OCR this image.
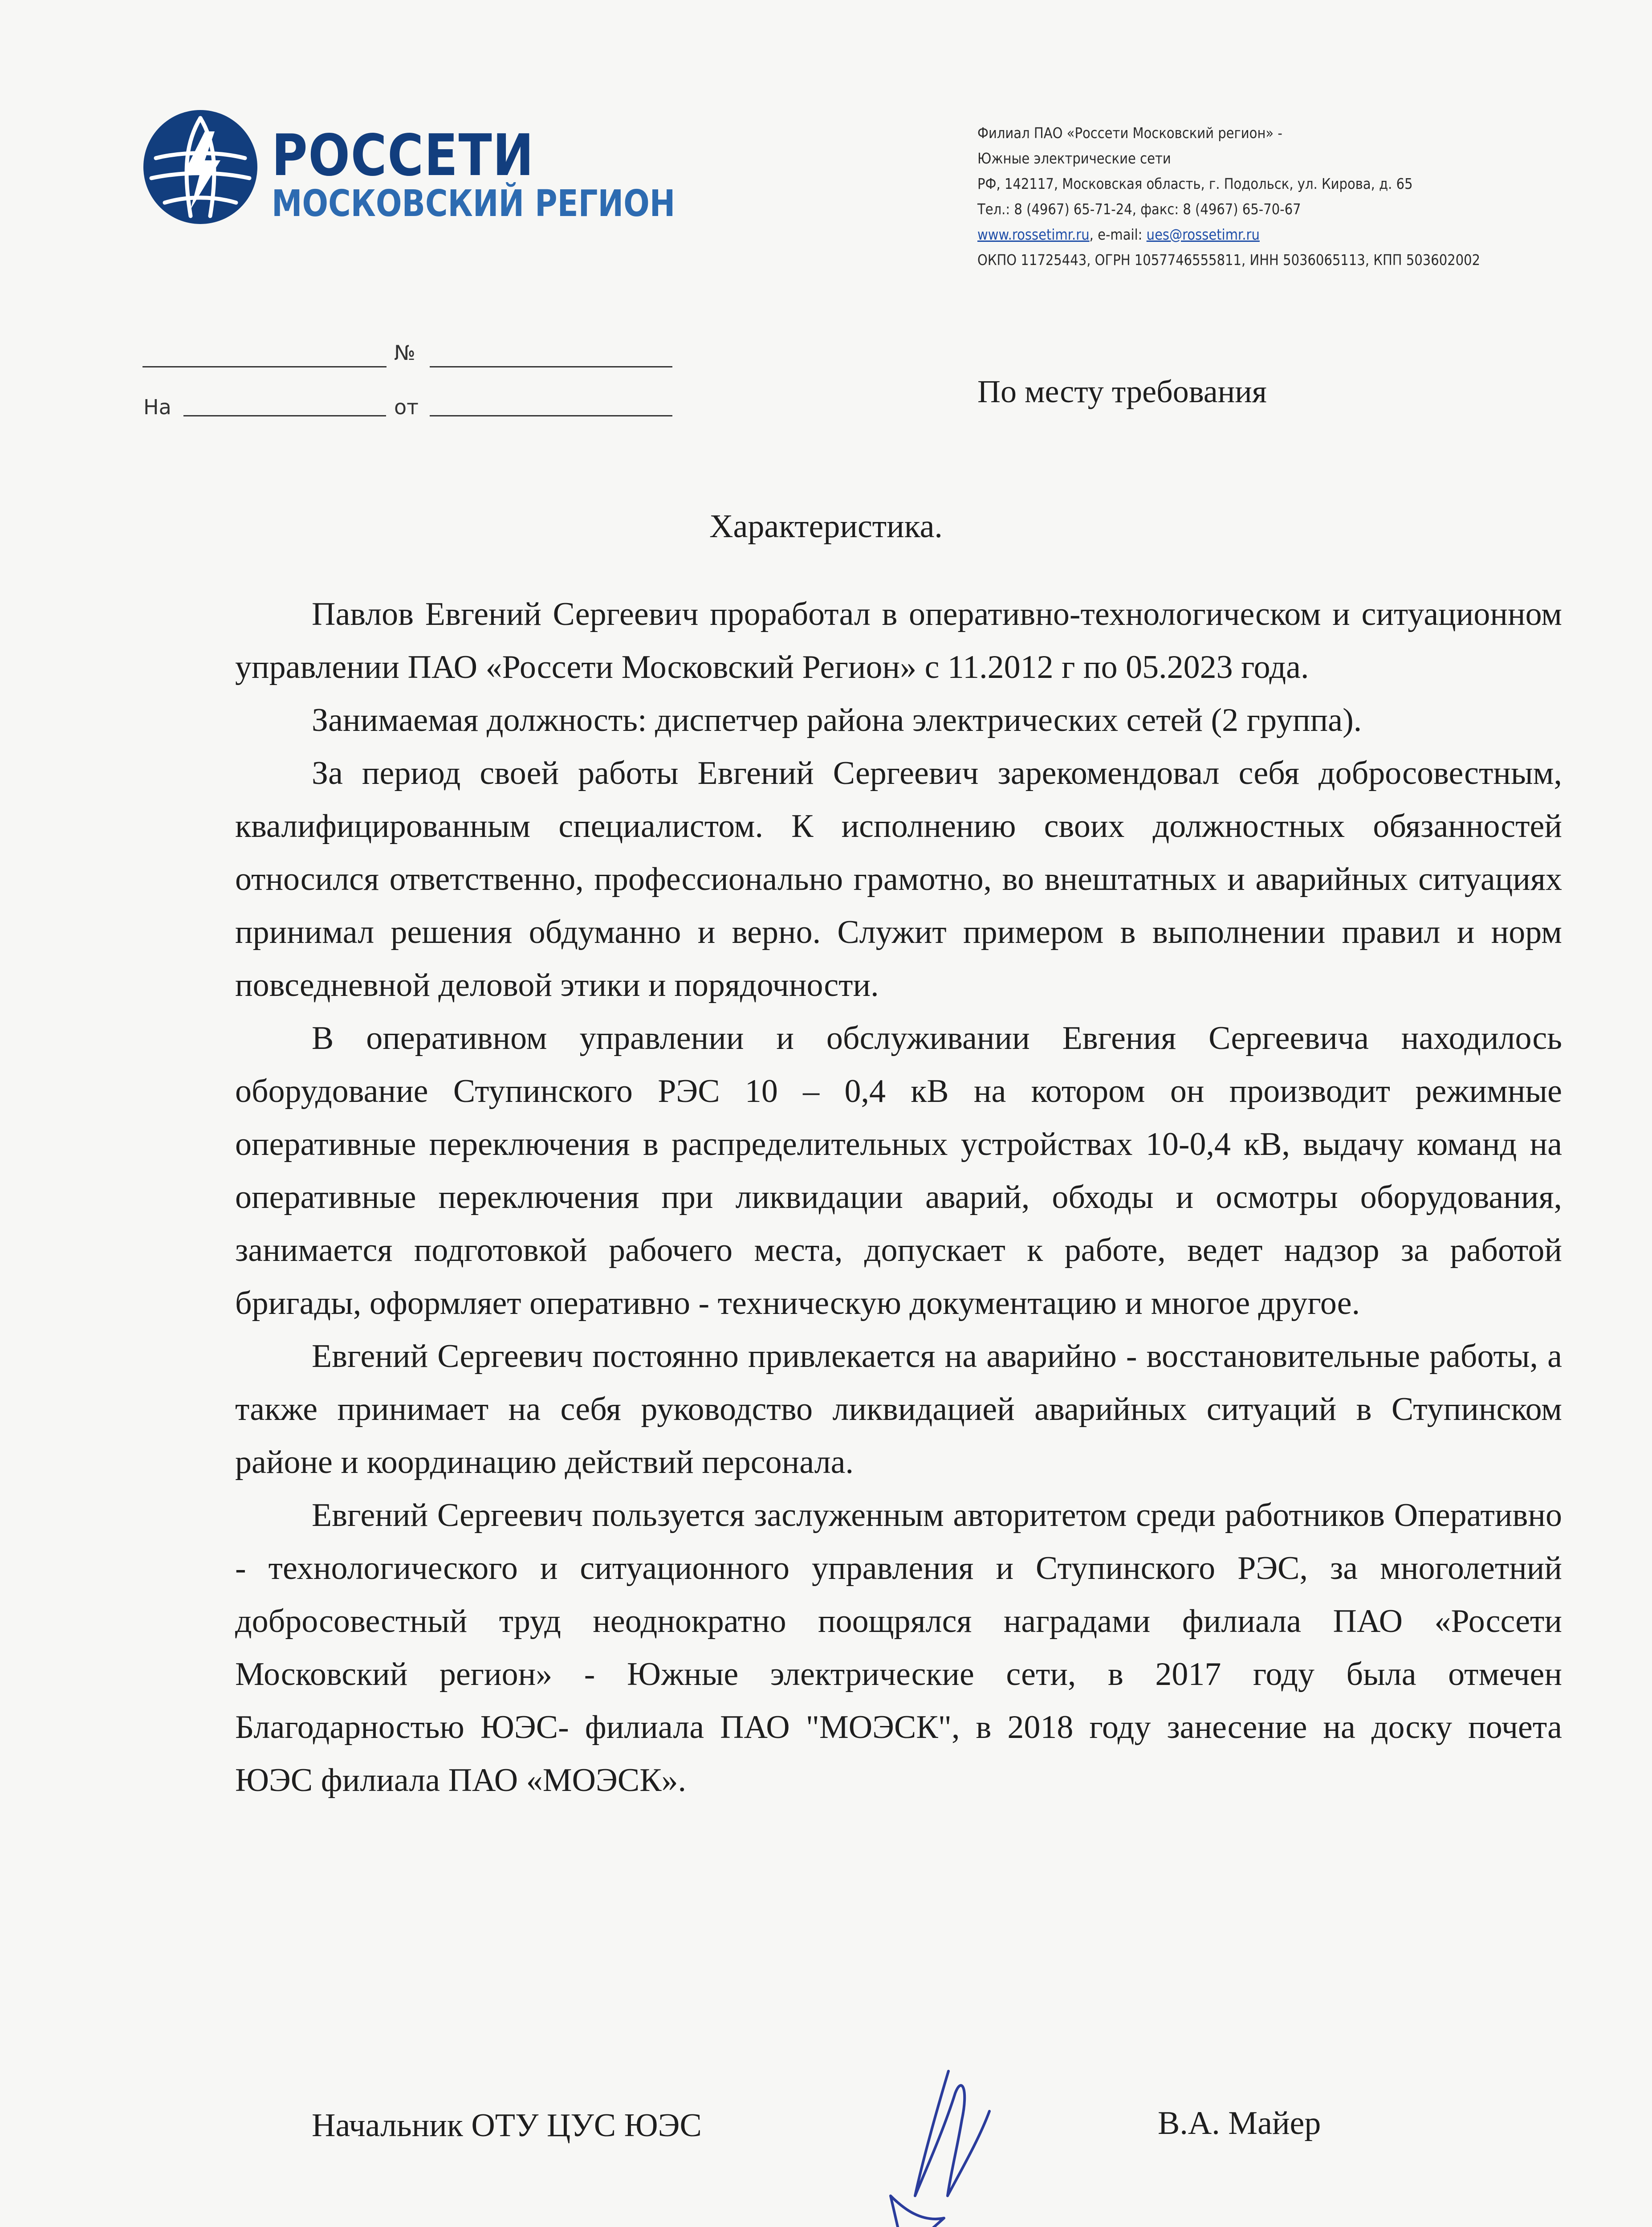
РОССЕТИ
МОСКОВСКИЙ РЕГИОН
Филиал ПАО «Россети Московский регион» -
Южные электрические сети
РФ, 142117, Московская область, г. Подольск, ул. Кирова, д. 65
Тел.: 8 (4967) 65-71-24, факс: 8 (4967) 65-70-67
www.rossetimr.ru, e-mail: ues@rossetimr.ru
ОКПО 11725443, ОГРН 1057746555811, ИНН 5036065113, КПП 503602002
№
На	от	По месту требования
Характеристика.

Павлов Евгений Сергеевич проработал в оперативно-технологическом и ситуационном управлении ПАО «Россети Московский Регион» с 11.2012 г по 05.2023 года.

Занимаемая должность: диспетчер района электрических сетей (2 группа).

За период своей работы Евгений Сергеевич зарекомендовал себя добросовестным, квалифицированным специалистом. К исполнению своих должностных обязанностей относился ответственно, профессионально грамотно, во внештатных и аварийных ситуациях принимал решения обдуманно и верно. Служит примером в выполнении правил и норм повседневной деловой этики и порядочности.

В оперативном управлении и обслуживании Евгения Сергеевича находилось оборудование Ступинского РЭС 10 – 0,4 кВ на котором он производит режимные оперативные переключения в распределительных устройствах 10-0,4 кВ, выдачу команд на оперативные переключения при ликвидации аварий, обходы и осмотры оборудования, занимается подготовкой рабочего места, допускает к работе, ведет надзор за работой бригады, оформляет оперативно - техническую документацию и многое другое.

Евгений Сергеевич постоянно привлекается на аварийно - восстановительные работы, а также принимает на себя руководство ликвидацией аварийных ситуаций в Ступинском районе и координацию действий персонала.

Евгений Сергеевич пользуется заслуженным авторитетом среди работников Оперативно - технологического и ситуационного управления и Ступинского РЭС, за многолетний добросовестный труд неоднократно поощрялся наградами филиала ПАО «Россети Московский регион» - Южные электрические сети, в 2017 году была отмечен Благодарностью ЮЭС- филиала ПАО "МОЭСК", в 2018 году занесение на доску почета ЮЭС филиала ПАО «МОЭСК».

Начальник ОТУ ЦУС ЮЭС	В.А. Майер
